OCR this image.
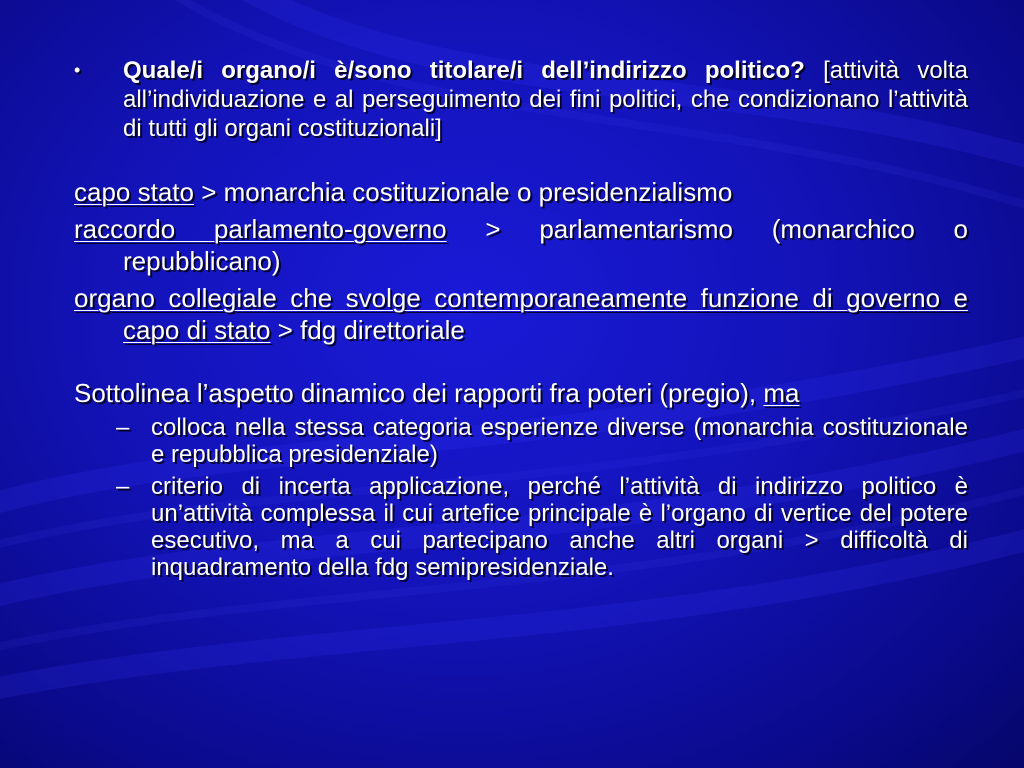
• Quale/i organo/i è/sono titolare/i dell’indirizzo politico? [attività volta all’individuazione e al perseguimento dei fini politici, che condizionano l’attività di tutti gli organi costituzionali]
capo stato > monarchia costituzionale o presidenzialismo
raccordo parlamento-governo > parlamentarismo (monarchico o repubblicano)
organo collegiale che svolge contemporaneamente funzione di governo e capo di stato > fdg direttoriale
Sottolinea l’aspetto dinamico dei rapporti fra poteri (pregio), ma
– colloca nella stessa categoria esperienze diverse (monarchia costituzionale e repubblica presidenziale)
– criterio di incerta applicazione, perché l’attività di indirizzo politico è un’attività complessa il cui artefice principale è l’organo di vertice del potere esecutivo, ma a cui partecipano anche altri organi > difficoltà di inquadramento della fdg semipresidenziale.
